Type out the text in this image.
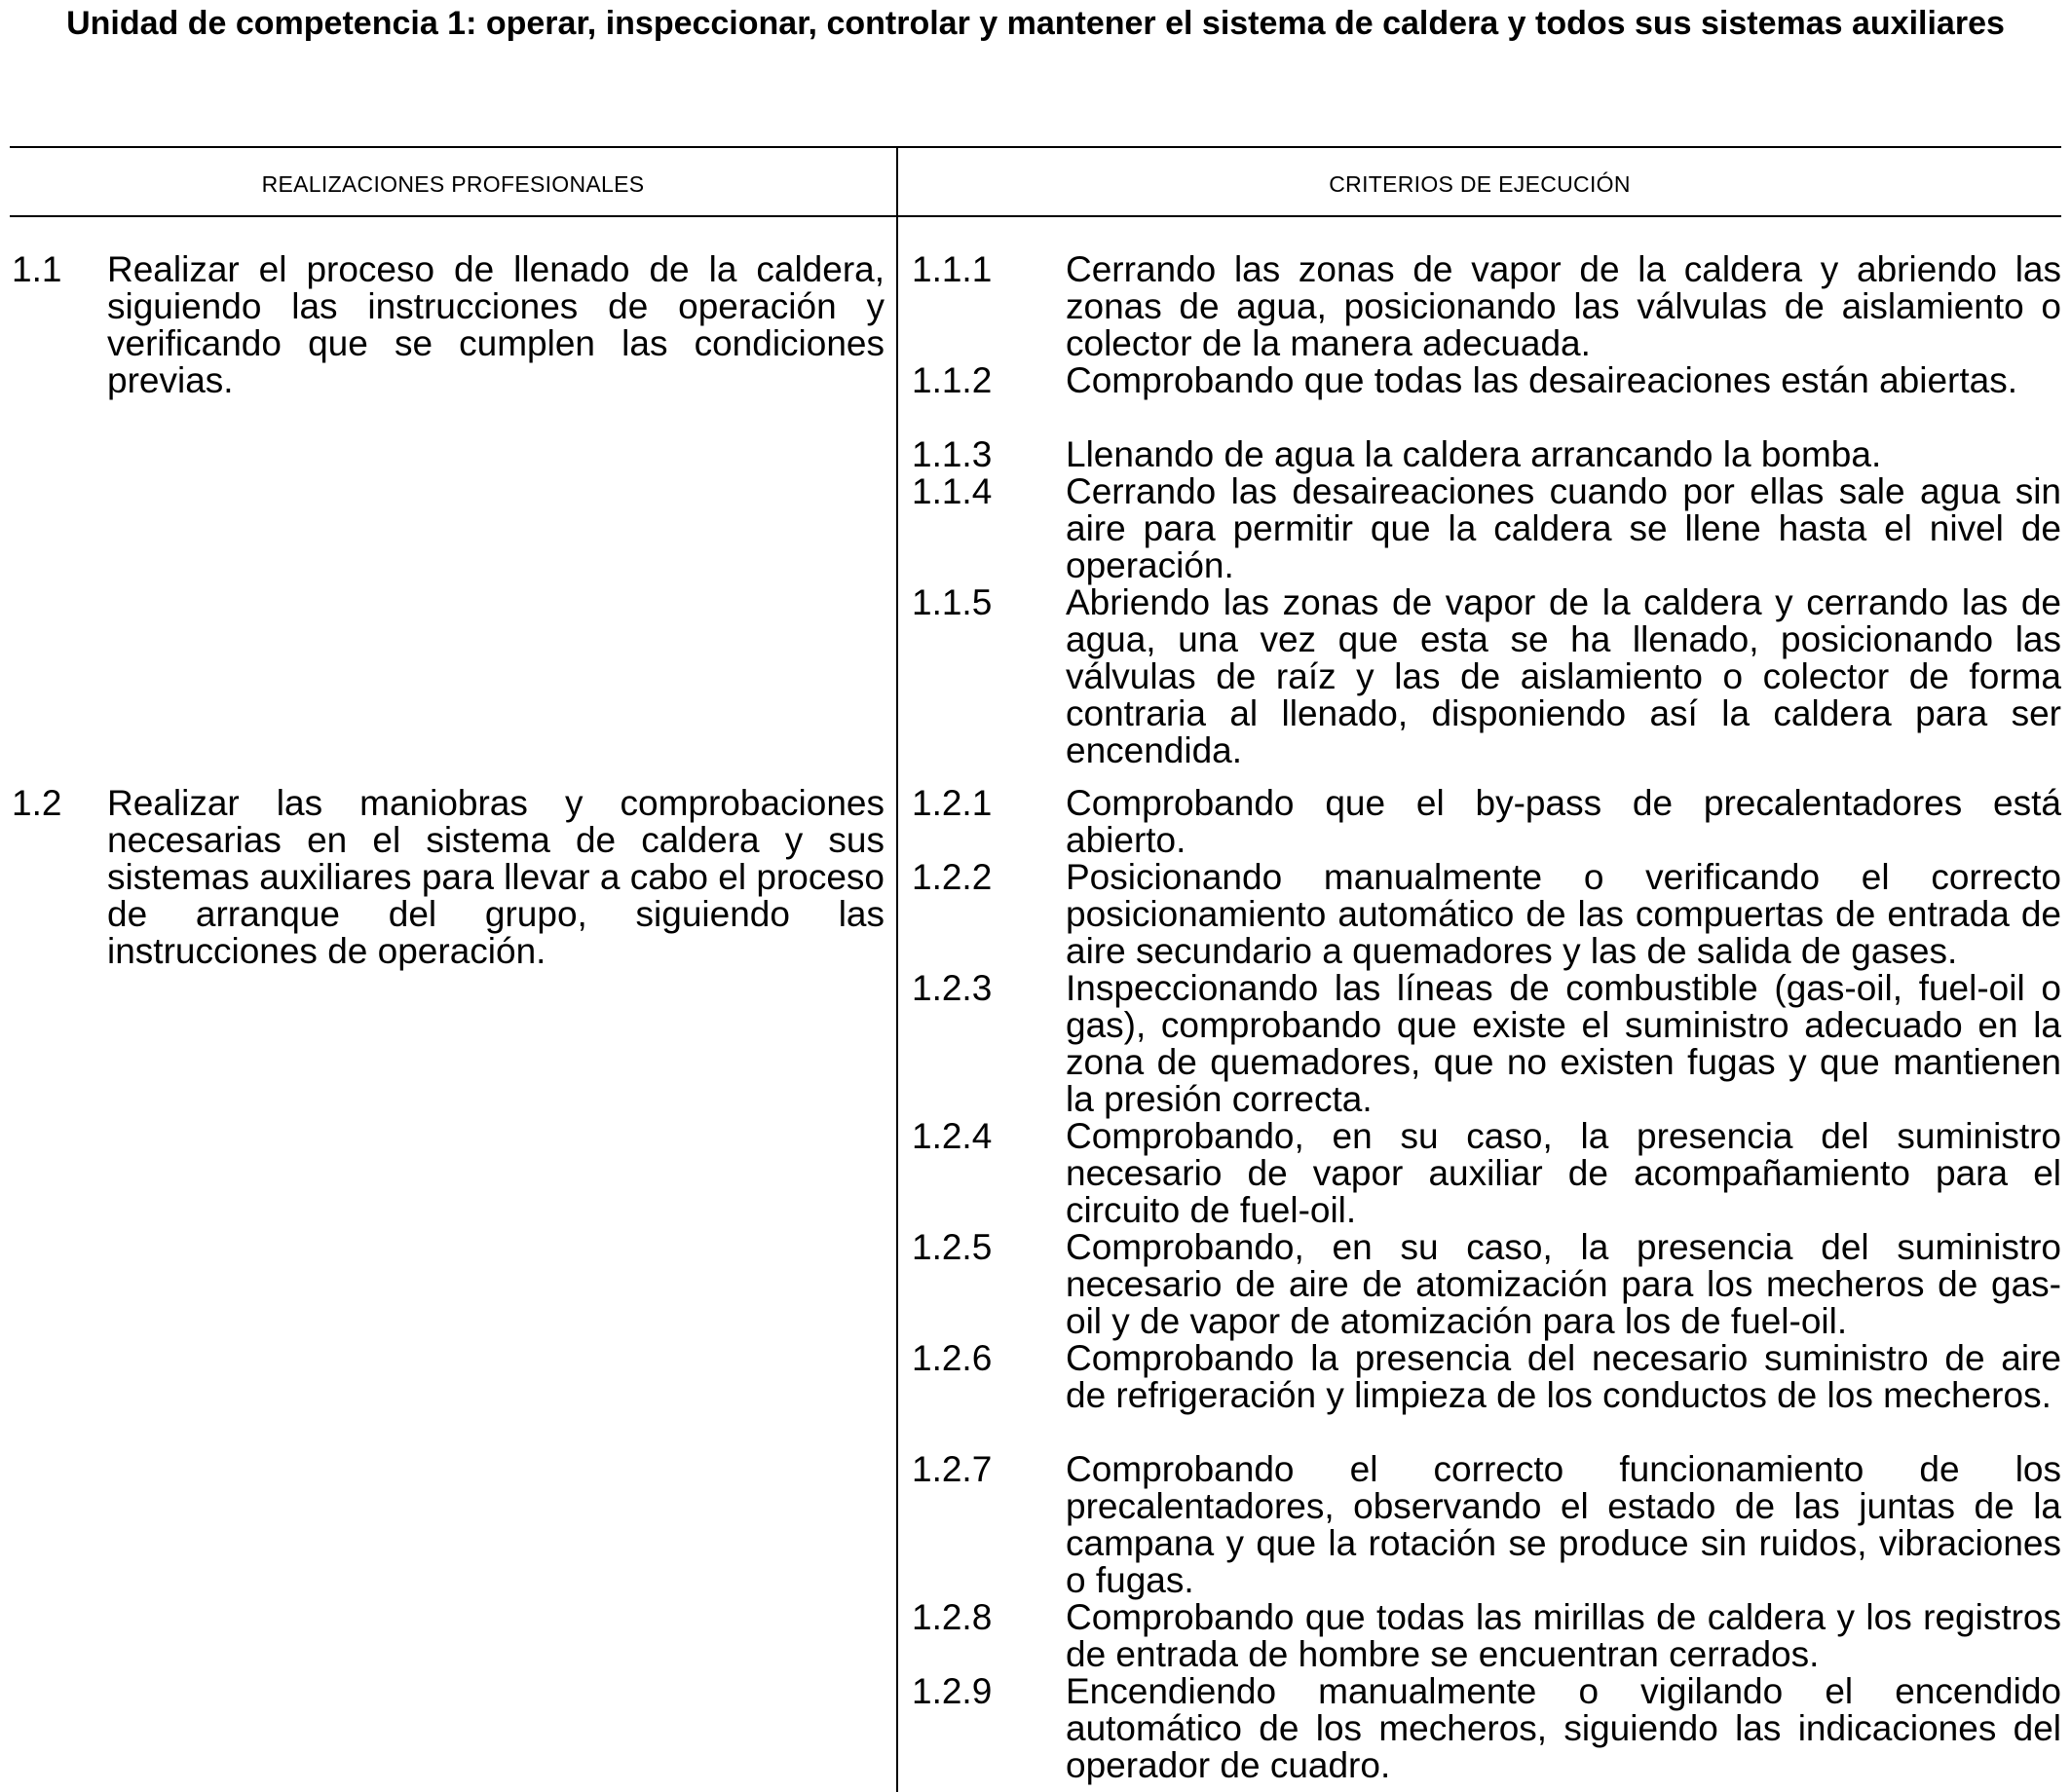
Unidad de competencia 1: operar, inspeccionar, controlar y mantener el sistema de caldera y todos sus sistemas auxiliares
REALIZACIONES PROFESIONALES	CRITERIOS DE EJECUCIÓN
1.1 Realizar el proceso de llenado de la caldera, siguiendo las instrucciones de operación y verificando que se cumplen las condiciones previas.
1.1.1 Cerrando las zonas de vapor de la caldera y abriendo las zonas de agua, posicionando las válvulas de aislamiento o colector de la manera adecuada.
1.1.2 Comprobando que todas las desaireaciones están abiertas.
1.1.3 Llenando de agua la caldera arrancando la bomba.
1.1.4 Cerrando las desaireaciones cuando por ellas sale agua sin aire para permitir que la caldera se llene hasta el nivel de operación.
1.1.5 Abriendo las zonas de vapor de la caldera y cerrando las de agua, una vez que esta se ha llenado, posicionando las válvulas de raíz y las de aislamiento o colector de forma contraria al llenado, disponiendo así la caldera para ser encendida.
1.2 Realizar las maniobras y comprobaciones necesarias en el sistema de caldera y sus sistemas auxiliares para llevar a cabo el proceso de arranque del grupo, siguiendo las instrucciones de operación.
1.2.1 Comprobando que el by-pass de precalentadores está abierto.
1.2.2 Posicionando manualmente o verificando el correcto posicionamiento automático de las compuertas de entrada de aire secundario a quemadores y las de salida de gases.
1.2.3 Inspeccionando las líneas de combustible (gas-oil, fuel-oil o gas), comprobando que existe el suministro adecuado en la zona de quemadores, que no existen fugas y que mantienen la presión correcta.
1.2.4 Comprobando, en su caso, la presencia del suministro necesario de vapor auxiliar de acompañamiento para el circuito de fuel-oil.
1.2.5 Comprobando, en su caso, la presencia del suministro necesario de aire de atomización para los mecheros de gas-oil y de vapor de atomización para los de fuel-oil.
1.2.6 Comprobando la presencia del necesario suministro de aire de refrigeración y limpieza de los conductos de los mecheros.
1.2.7 Comprobando el correcto funcionamiento de los precalentadores, observando el estado de las juntas de la campana y que la rotación se produce sin ruidos, vibraciones o fugas.
1.2.8 Comprobando que todas las mirillas de caldera y los registros de entrada de hombre se encuentran cerrados.
1.2.9 Encendiendo manualmente o vigilando el encendido automático de los mecheros, siguiendo las indicaciones del operador de cuadro.
